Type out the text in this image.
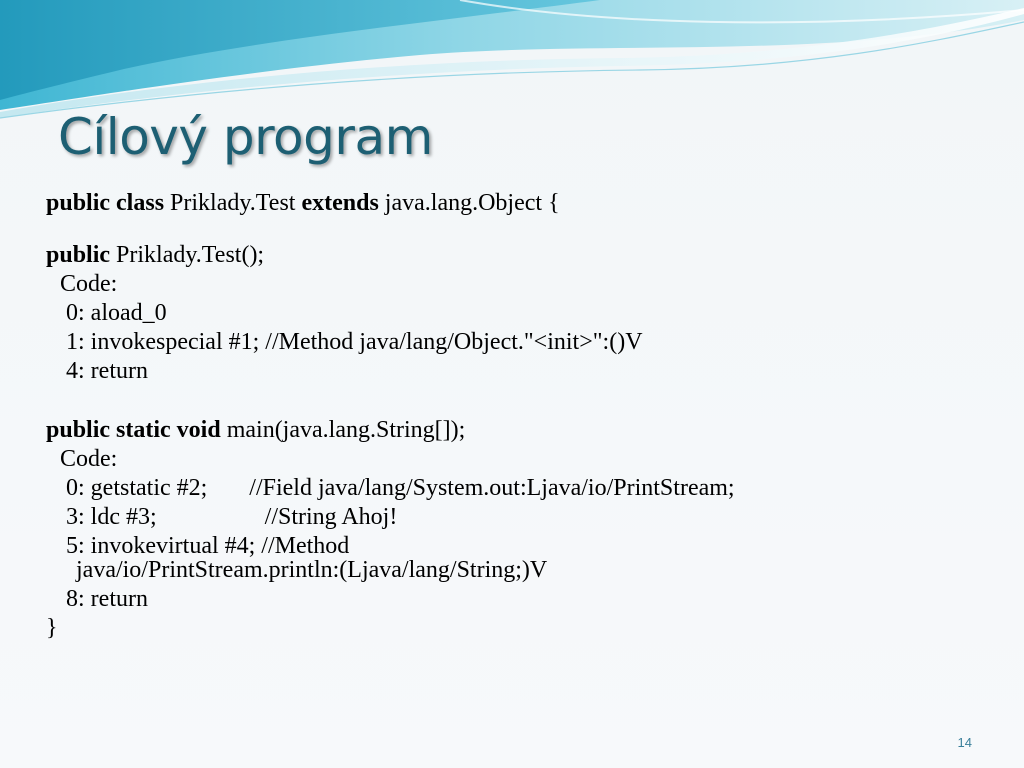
Cílový program
public class Priklady.Test extends java.lang.Object {
public Priklady.Test();
Code:
0: aload_0
1: invokespecial #1; //Method java/lang/Object."<init>":()V
4: return
public static void main(java.lang.String[]);
Code:
0: getstatic #2;       //Field java/lang/System.out:Ljava/io/PrintStream;
3: ldc #3;                  //String Ahoj!
5: invokevirtual #4; //Method
java/io/PrintStream.println:(Ljava/lang/String;)V
8: return
}
14
